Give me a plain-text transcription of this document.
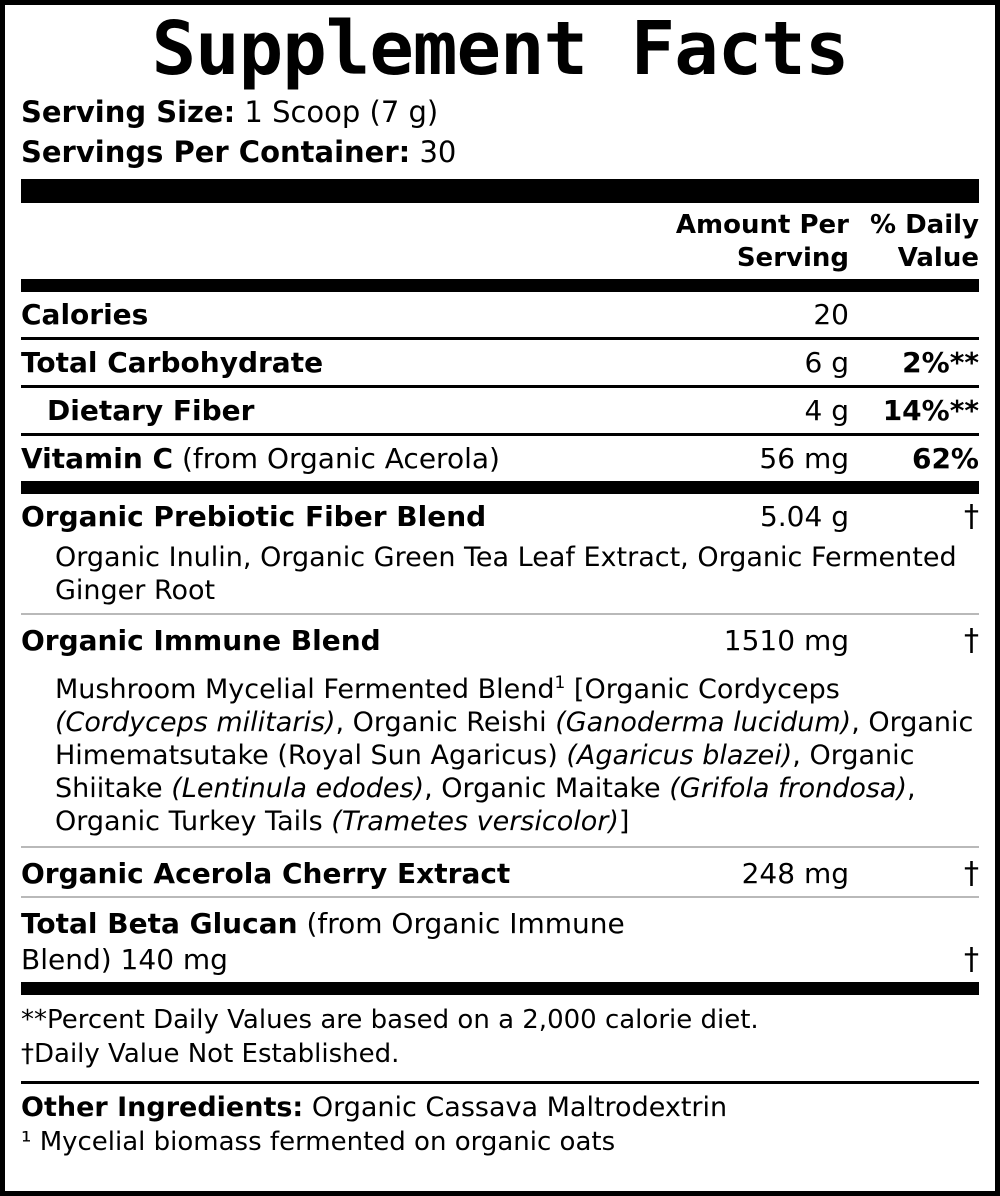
Supplement Facts
Serving Size: 1 Scoop (7 g)
Servings Per Container: 30
Amount Per
Serving
% Daily
Value
Calories	20
Total Carbohydrate	6 g	2%**
Dietary Fiber	4 g	14%**
Vitamin C (from Organic Acerola)	56 mg	62%
Organic Prebiotic Fiber Blend	5.04 g	†
Organic Inulin, Organic Green Tea Leaf Extract, Organic Fermented Ginger Root
Organic Immune Blend	1510 mg	†
Mushroom Mycelial Fermented Blend$^1$ [Organic Cordyceps (Cordyceps militaris), Organic Reishi (Ganoderma lucidum), Organic Himematsutake (Royal Sun Agaricus) (Agaricus blazei), Organic Shiitake (Lentinula edodes), Organic Maitake (Grifola frondosa), Organic Turkey Tails (Trametes versicolor)]
Organic Acerola Cherry Extract	248 mg	†
Total Beta Glucan (from Organic Immune Blend) 140 mg	†
**Percent Daily Values are based on a 2,000 calorie diet.
†Daily Value Not Established.
Other Ingredients: Organic Cassava Maltrodextrin
¹ Mycelial biomass fermented on organic oats
